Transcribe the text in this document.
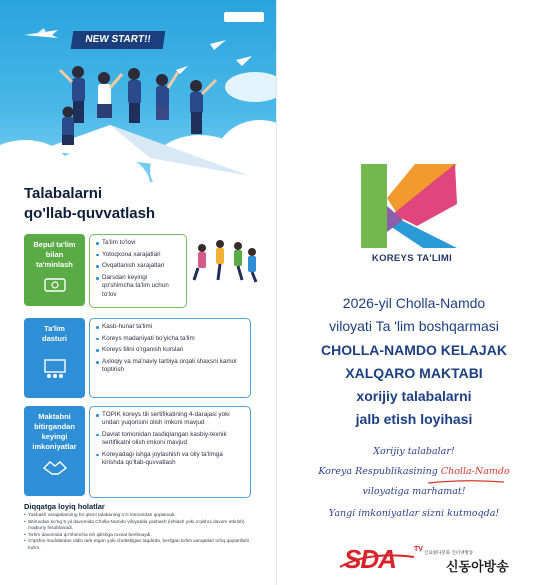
NEW START!!
Talabalarni
qo'llab-quvvatlash
Bepul ta'lim
bilan
ta'minlash
Ta'lim to'lovi
Yotoqxona xarajatlari
Ovqatlanish xarajatlari
Darsdan keyingi qo'shimcha ta'lim uchun to'lov
Ta'lim
dasturi
Kasb-hunar ta'limi
Koreys madaniyati bo'yicha ta'lim
Koreys tilini o'rganish kurslari
Axloqiy va ma'naviy tarbiya orqali shaxsni kamol toptirish
Maktabni
bitirgandan
keyingi
imkoniyatlar
TOPIK koreys tili sertifikatining 4-darajasi yoki undan yuqorisini olish imkoni mavjud
Davlat tomonidan tasdiqlangan kasbiy-texnik sertifikatni olish imkoni mavjud
Koreyadagi ishga joylashish va oliy ta'limga kirishda qo'llab-quvvatlash
Diqqatga loyiq holatlar
• Yashash xarajatlarining bir qismi talabaning o'zi tomonidan qoplanadi.
• Bitiruvdan so'ng 5 yil davomida Cholla-Namdo viloyatida yashash (ishlash yoki o'qishni davom ettirish) majburiy hisoblanadi.
• Ta'lim davomida qo'shimcha ish qilishga ruxsat berilmaydi.
• O'qishni muddatidan oldin tark etgan yoki chetlatilgan taqdirda, berilgan ta'lim xarajatlari to'liq qaytarilishi lozim.
KOREYS TA'LIMI
2026-yil Cholla-Namdo
viloyati Ta 'lim boshqarmasi
CHOLLA-NAMDO KELAJAK
XALQARO MAKTABI
xorijiy talabalarni
jalb etish loyihasi
Xorijiy talabalar!
Koreya Respublikasining Cholla-Namdo
viloyatiga marhamat!
Yangi imkoniyatlar sizni kutmoqda!
SDA	TV
글로벌다문화 인터넷방송
신동아방송
